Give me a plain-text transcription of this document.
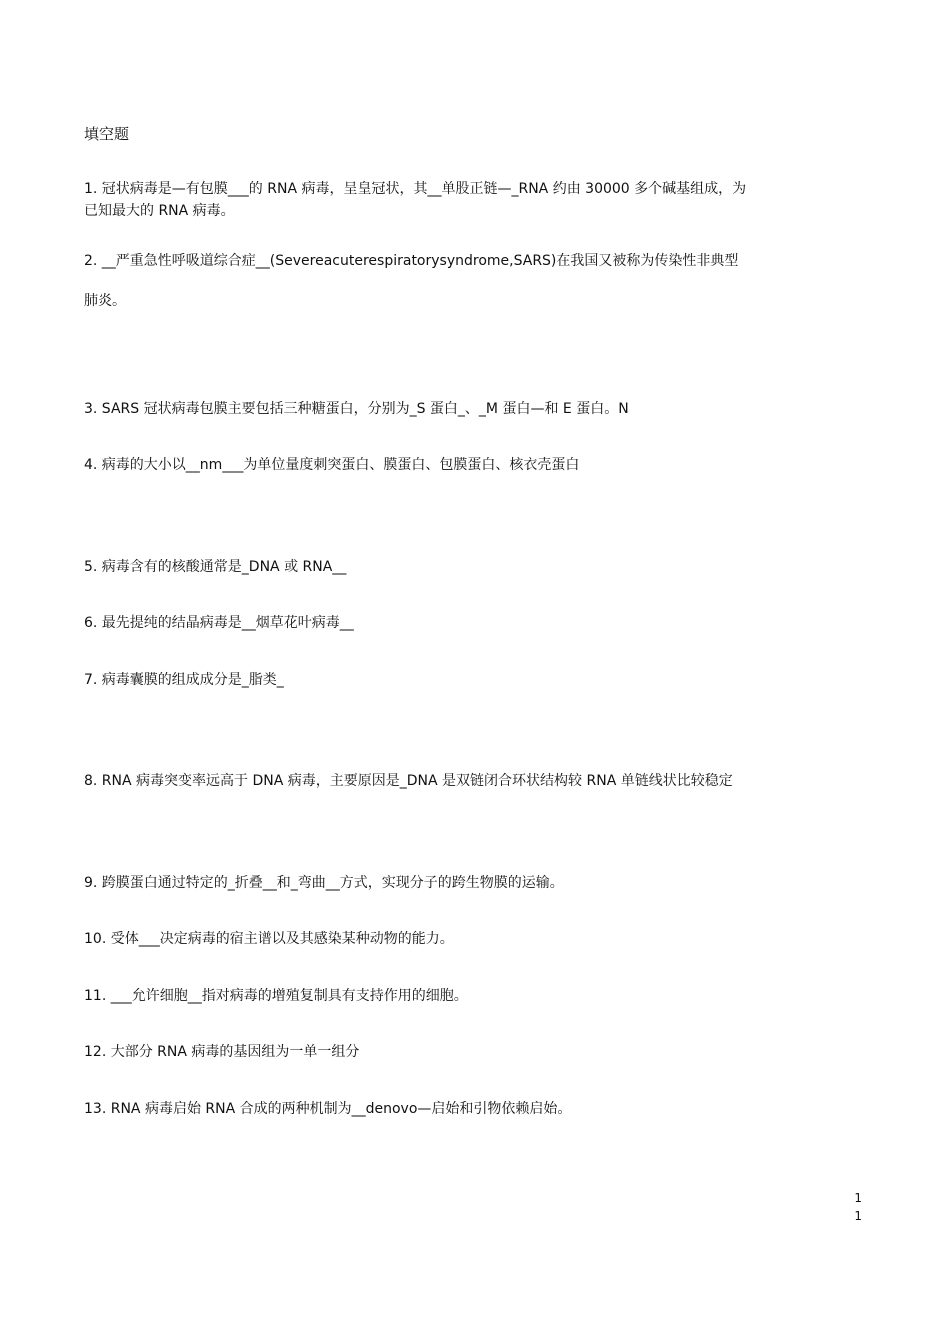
填空题
1. 冠状病毒是—有包膜___的 RNA 病毒，呈皇冠状，其__单股正链—_RNA 约由 30000 多个碱基组成，为
已知最大的 RNA 病毒。
2. __严重急性呼吸道综合症__(Severeacuterespiratorysyndrome,SARS)在我国又被称为传染性非典型
肺炎。
3. SARS 冠状病毒包膜主要包括三种糖蛋白，分别为_S 蛋白_、_M 蛋白—和 E 蛋白。N
4. 病毒的大小以__nm___为单位量度刺突蛋白、膜蛋白、包膜蛋白、核衣壳蛋白
5. 病毒含有的核酸通常是_DNA 或 RNA__
6. 最先提纯的结晶病毒是__烟草花叶病毒__
7. 病毒囊膜的组成成分是_脂类_
8. RNA 病毒突变率远高于 DNA 病毒，主要原因是_DNA 是双链闭合环状结构较 RNA 单链线状比较稳定
9. 跨膜蛋白通过特定的_折叠__和_弯曲__方式，实现分子的跨生物膜的运输。
10. 受体___决定病毒的宿主谱以及其感染某种动物的能力。
11. ___允许细胞__指对病毒的增殖复制具有支持作用的细胞。
12. 大部分 RNA 病毒的基因组为一单一组分
13. RNA 病毒启始 RNA 合成的两种机制为__denovo—启始和引物依赖启始。
1
1
